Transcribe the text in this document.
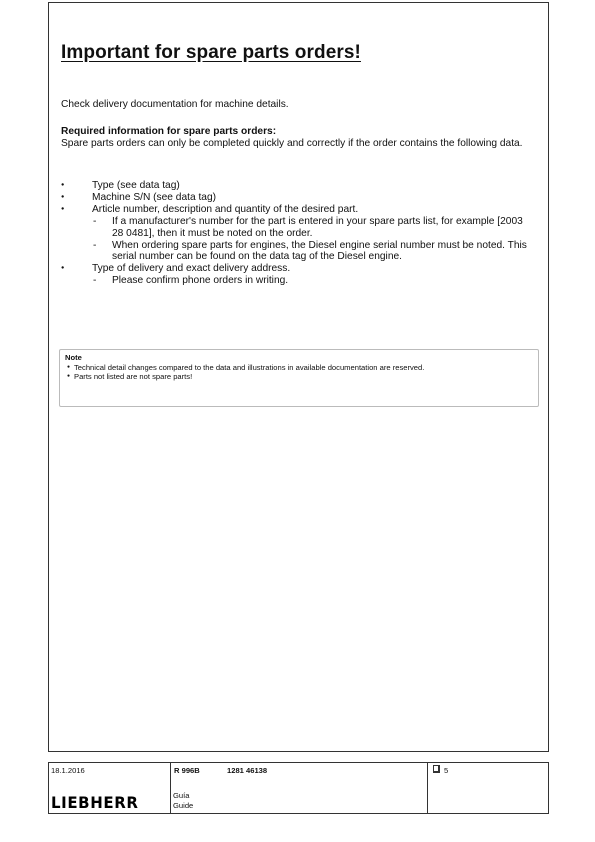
Important for spare parts orders!

Check delivery documentation for machine details.

Required information for spare parts orders:

Spare parts orders can only be completed quickly and correctly if the order contains the following data.

● Type (see data tag)
● Machine S/N (see data tag)
● Article number, description and quantity of the desired part.
- If a manufacturer's number for the part is entered in your spare parts list, for example [2003 28 0481], then it must be noted on the order.
- When ordering spare parts for engines, the Diesel engine serial number must be noted. This serial number can be found on the data tag of the Diesel engine.
● Type of delivery and exact delivery address.
- Please confirm phone orders in writing.
Note
● Technical detail changes compared to the data and illustrations in available documentation are reserved.
● Parts not listed are not spare parts!
18.1.2016	R 996B	1281 46138	5
LIEBHERR	Guía
Guide
